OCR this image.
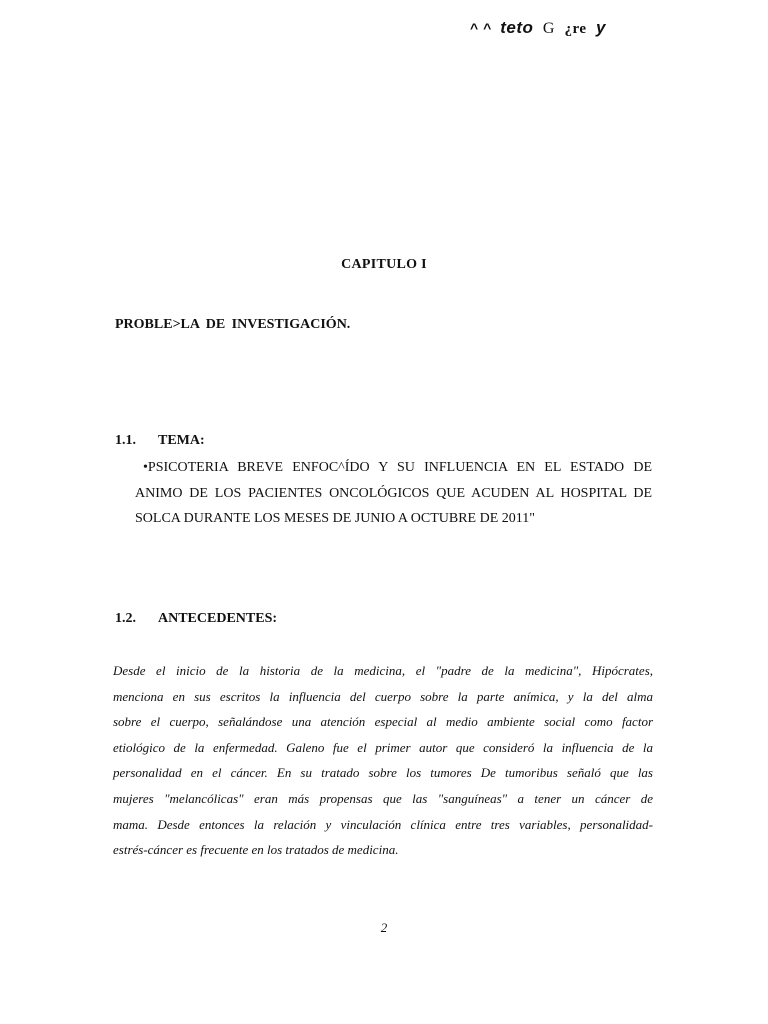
^ ^ teto G ¿re y
CAPITULO I
PROBLE>LA DE INVESTIGACIÓN.
1.1. TEMA:
•PSICOTERIA BREVE ENFOC^ÍDO Y SU INFLUENCIA EN EL ESTADO DE
ANIMO DE LOS PACIENTES ONCOLÓGICOS QUE ACUDEN AL HOSPITAL DE
SOLCA DURANTE LOS MESES DE JUNIO A OCTUBRE DE 2011"
1.2. ANTECEDENTES:
Desde el inicio de la historia de la medicina, el "padre de la medicina", Hipócrates,
menciona en sus escritos la influencia del cuerpo sobre la parte anímica, y la del alma
sobre el cuerpo, señalándose una atención especial al medio ambiente social como factor
etiológico de la enfermedad. Galeno fue el primer autor que consideró la influencia de la
personalidad en el cáncer. En su tratado sobre los tumores De tumoribus señaló que las
mujeres "melancólicas" eran más propensas que las "sanguíneas" a tener un cáncer de
mama. Desde entonces la relación y vinculación clínica entre tres variables, personalidad-
estrés-cáncer es frecuente en los tratados de medicina.
2
